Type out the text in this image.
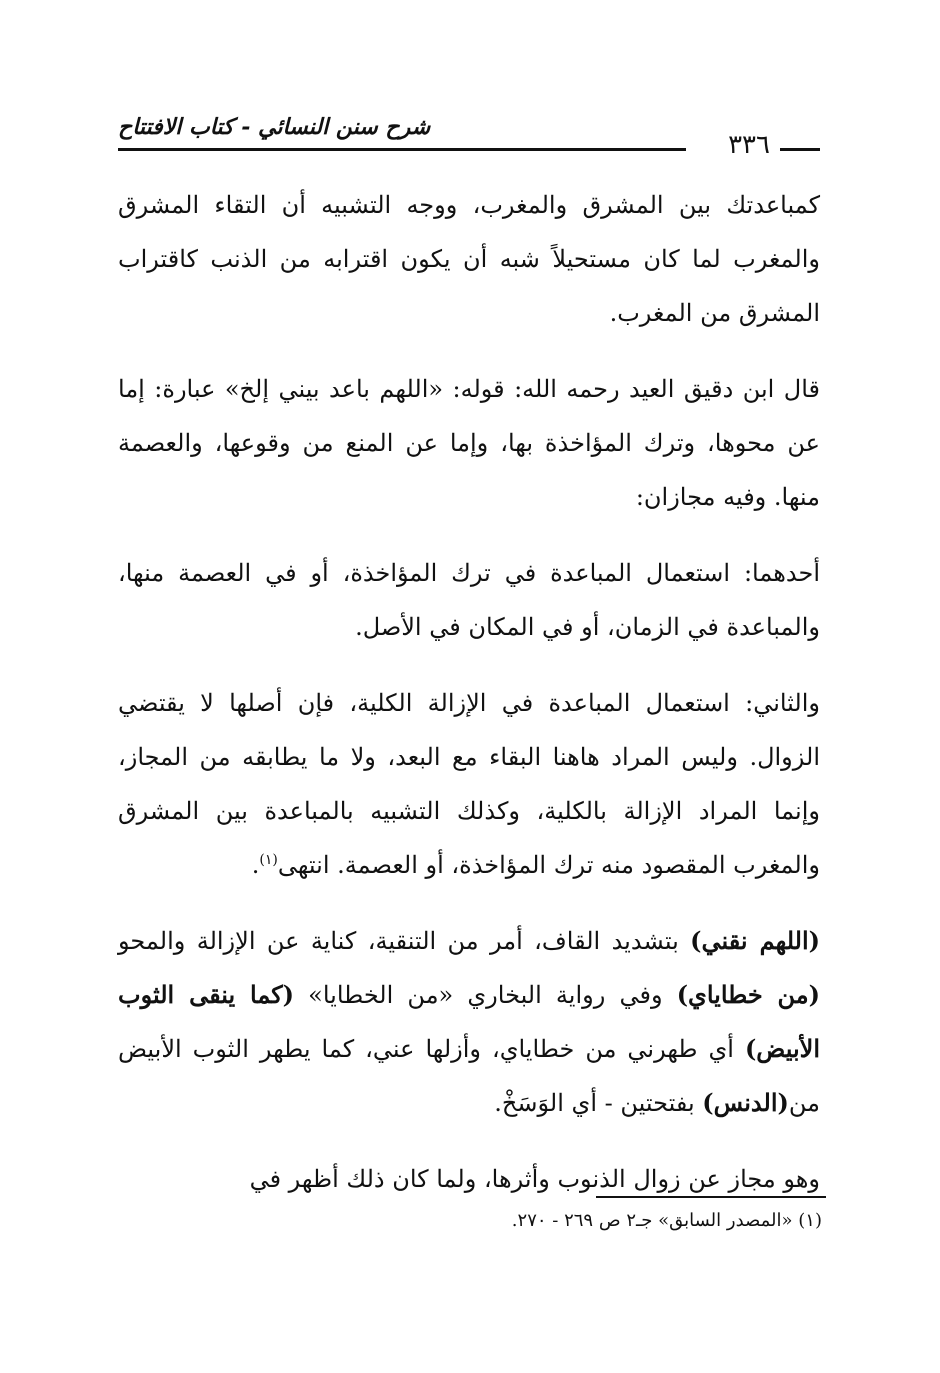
شرح سنن النسائي - كتاب الافتتاح
٣٣٦

كمباعدتك بين المشرق والمغرب، ووجه التشبيه أن التقاء المشرق والمغرب لما كان مستحيلاً شبه أن يكون اقترابه من الذنب كاقتراب المشرق من المغرب.

قال ابن دقيق العيد رحمه الله: قوله: «اللهم باعد بيني إلخ» عبارة: إما عن محوها، وترك المؤاخذة بها، وإما عن المنع من وقوعها، والعصمة منها. وفيه مجازان:

أحدهما: استعمال المباعدة في ترك المؤاخذة، أو في العصمة منها، والمباعدة في الزمان، أو في المكان في الأصل.

والثاني: استعمال المباعدة في الإزالة الكلية، فإن أصلها لا يقتضي الزوال. وليس المراد هاهنا البقاء مع البعد، ولا ما يطابقه من المجاز، وإنما المراد الإزالة بالكلية، وكذلك التشبيه بالمباعدة بين المشرق والمغرب المقصود منه ترك المؤاخذة، أو العصمة. انتهى$^{(١)}$.

(اللهم نقني) بتشديد القاف، أمر من التنقية، كناية عن الإزالة والمحو (من خطاياي) وفي رواية البخاري «من الخطايا» (كما ينقى الثوب الأبيض) أي طهرني من خطاياي، وأزلها عني، كما يطهر الثوب الأبيض من(الدنس) بفتحتين - أي الوَسَخْ.

وهو مجاز عن زوال الذنوب وأثرها، ولما كان ذلك أظهر في

(١) «المصدر السابق» جـ٢ ص ٢٦٩ - ٢٧٠.
